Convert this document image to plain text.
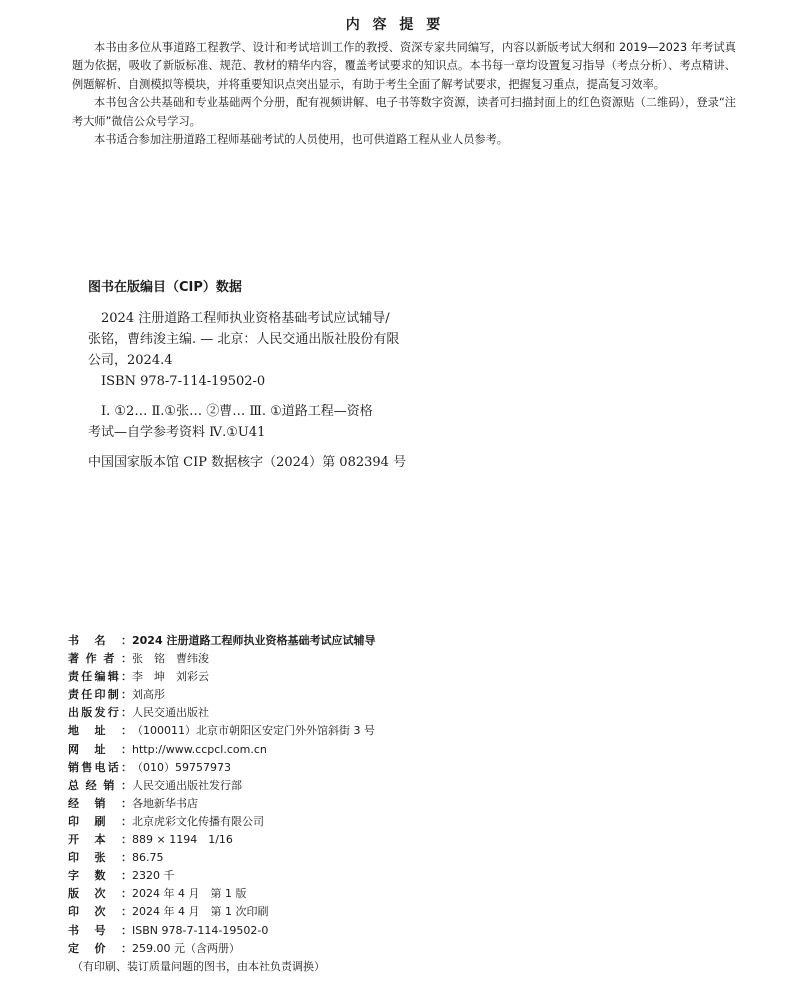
内 容 提 要

本书由多位从事道路工程教学、设计和考试培训工作的教授、资深专家共同编写，内容以新版考试大纲和 2019—2023 年考试真题为依据，吸收了新版标准、规范、教材的精华内容，覆盖考试要求的知识点。本书每一章均设置复习指导（考点分析）、考点精讲、例题解析、自测模拟等模块，并将重要知识点突出显示，有助于考生全面了解考试要求，把握复习重点，提高复习效率。

本书包含公共基础和专业基础两个分册，配有视频讲解、电子书等数字资源，读者可扫描封面上的红色资源贴（二维码），登录“注考大师”微信公众号学习。

本书适合参加注册道路工程师基础考试的人员使用，也可供道路工程从业人员参考。

图书在版编目（CIP）数据

2024 注册道路工程师执业资格基础考试应试辅导/

张铭，曹纬浚主编. — 北京：人民交通出版社股份有限

公司，2024.4

ISBN 978-7-114-19502-0

Ⅰ. ①2… Ⅱ.①张… ②曹… Ⅲ. ①道路工程—资格

考试—自学参考资料 Ⅳ.①U41

中国国家版本馆 CIP 数据核字（2024）第 082394 号

书 名 ： 2024 注册道路工程师执业资格基础考试应试辅导
著 作 者 ： 张　铭　曹纬浚
责 任 编 辑 ： 李　坤　刘彩云
责 任 印 制 ： 刘高彤
出 版 发 行 ： 人民交通出版社
地 址 ： （100011）北京市朝阳区安定门外外馆斜街 3 号
网 址 ： http://www.ccpcl.com.cn
销 售 电 话 ： （010）59757973
总 经 销 ： 人民交通出版社发行部
经 销 ： 各地新华书店
印 刷 ： 北京虎彩文化传播有限公司
开 本 ： 889 × 1194　1/16
印 张 ： 86.75
字 数 ： 2320 千
版 次 ： 2024 年 4 月　第 1 版
印 次 ： 2024 年 4 月　第 1 次印刷
书 号 ： ISBN 978-7-114-19502-0
定 价 ： 259.00 元（含两册）
（有印刷、装订质量问题的图书，由本社负责调换）
